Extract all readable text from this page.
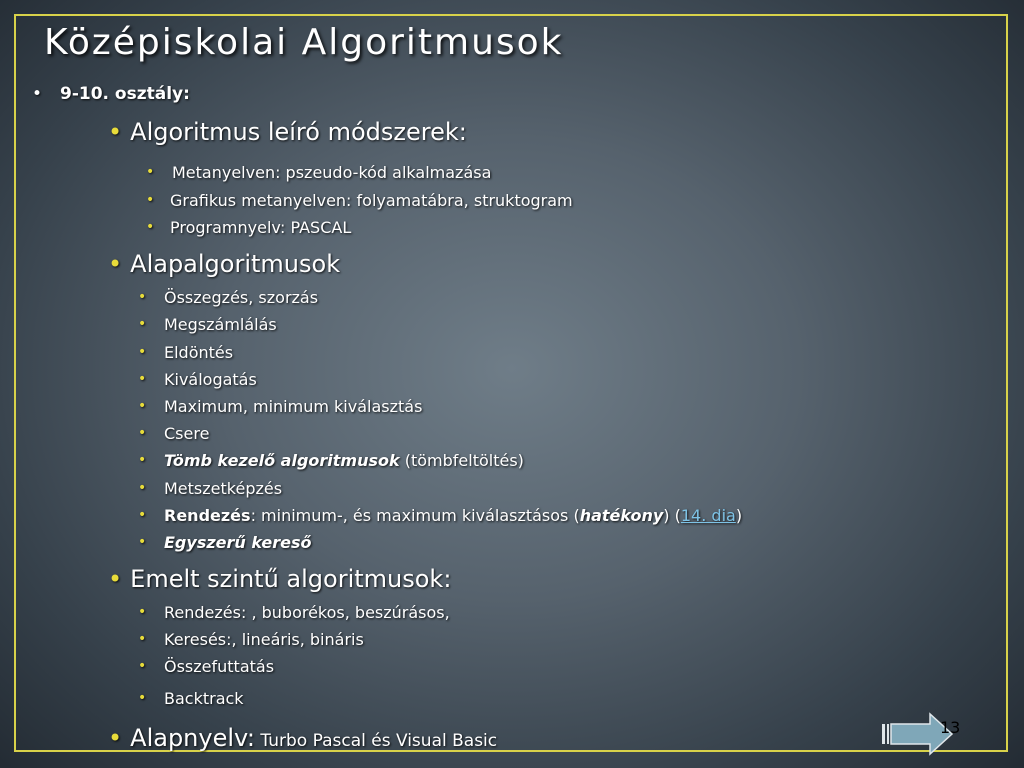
Középiskolai Algoritmusok
• 9-10. osztály:
• Algoritmus leíró módszerek:
• Metanyelven: pszeudo-kód alkalmazása
• Grafikus metanyelven: folyamatábra, struktogram
• Programnyelv: PASCAL
• Alapalgoritmusok
• Összegzés, szorzás
• Megszámlálás
• Eldöntés
• Kiválogatás
• Maximum, minimum kiválasztás
• Csere
• Tömb kezelő algoritmusok (tömbfeltöltés)
• Metszetképzés
• Rendezés: minimum-, és maximum kiválasztásos (hatékony) (14. dia)
• Egyszerű kereső
• Emelt szintű algoritmusok:
• Rendezés: , buborékos, beszúrásos,
• Keresés:, lineáris, bináris
• Összefuttatás
• Backtrack
• Alapnyelv: Turbo Pascal és Visual Basic
13
